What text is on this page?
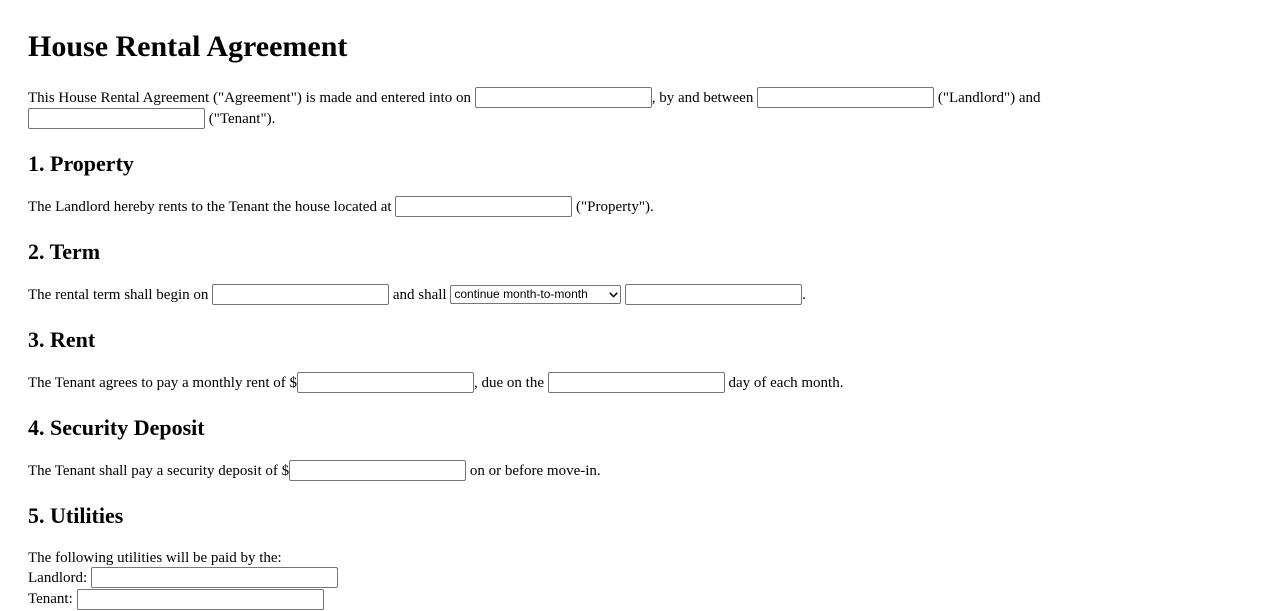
House Rental Agreement
This House Rental Agreement ("Agreement") is made and entered into on	, by and between	("Landlord") and
("Tenant").
1. Property
The Landlord hereby rents to the Tenant the house located at	("Property").
2. Term
The rental term shall begin on	and shall continue month-to-month	.
3. Rent
The Tenant agrees to pay a monthly rent of $	, due on the	day of each month.
4. Security Deposit
The Tenant shall pay a security deposit of $	on or before move-in.
5. Utilities
The following utilities will be paid by the:
Landlord:
Tenant:
